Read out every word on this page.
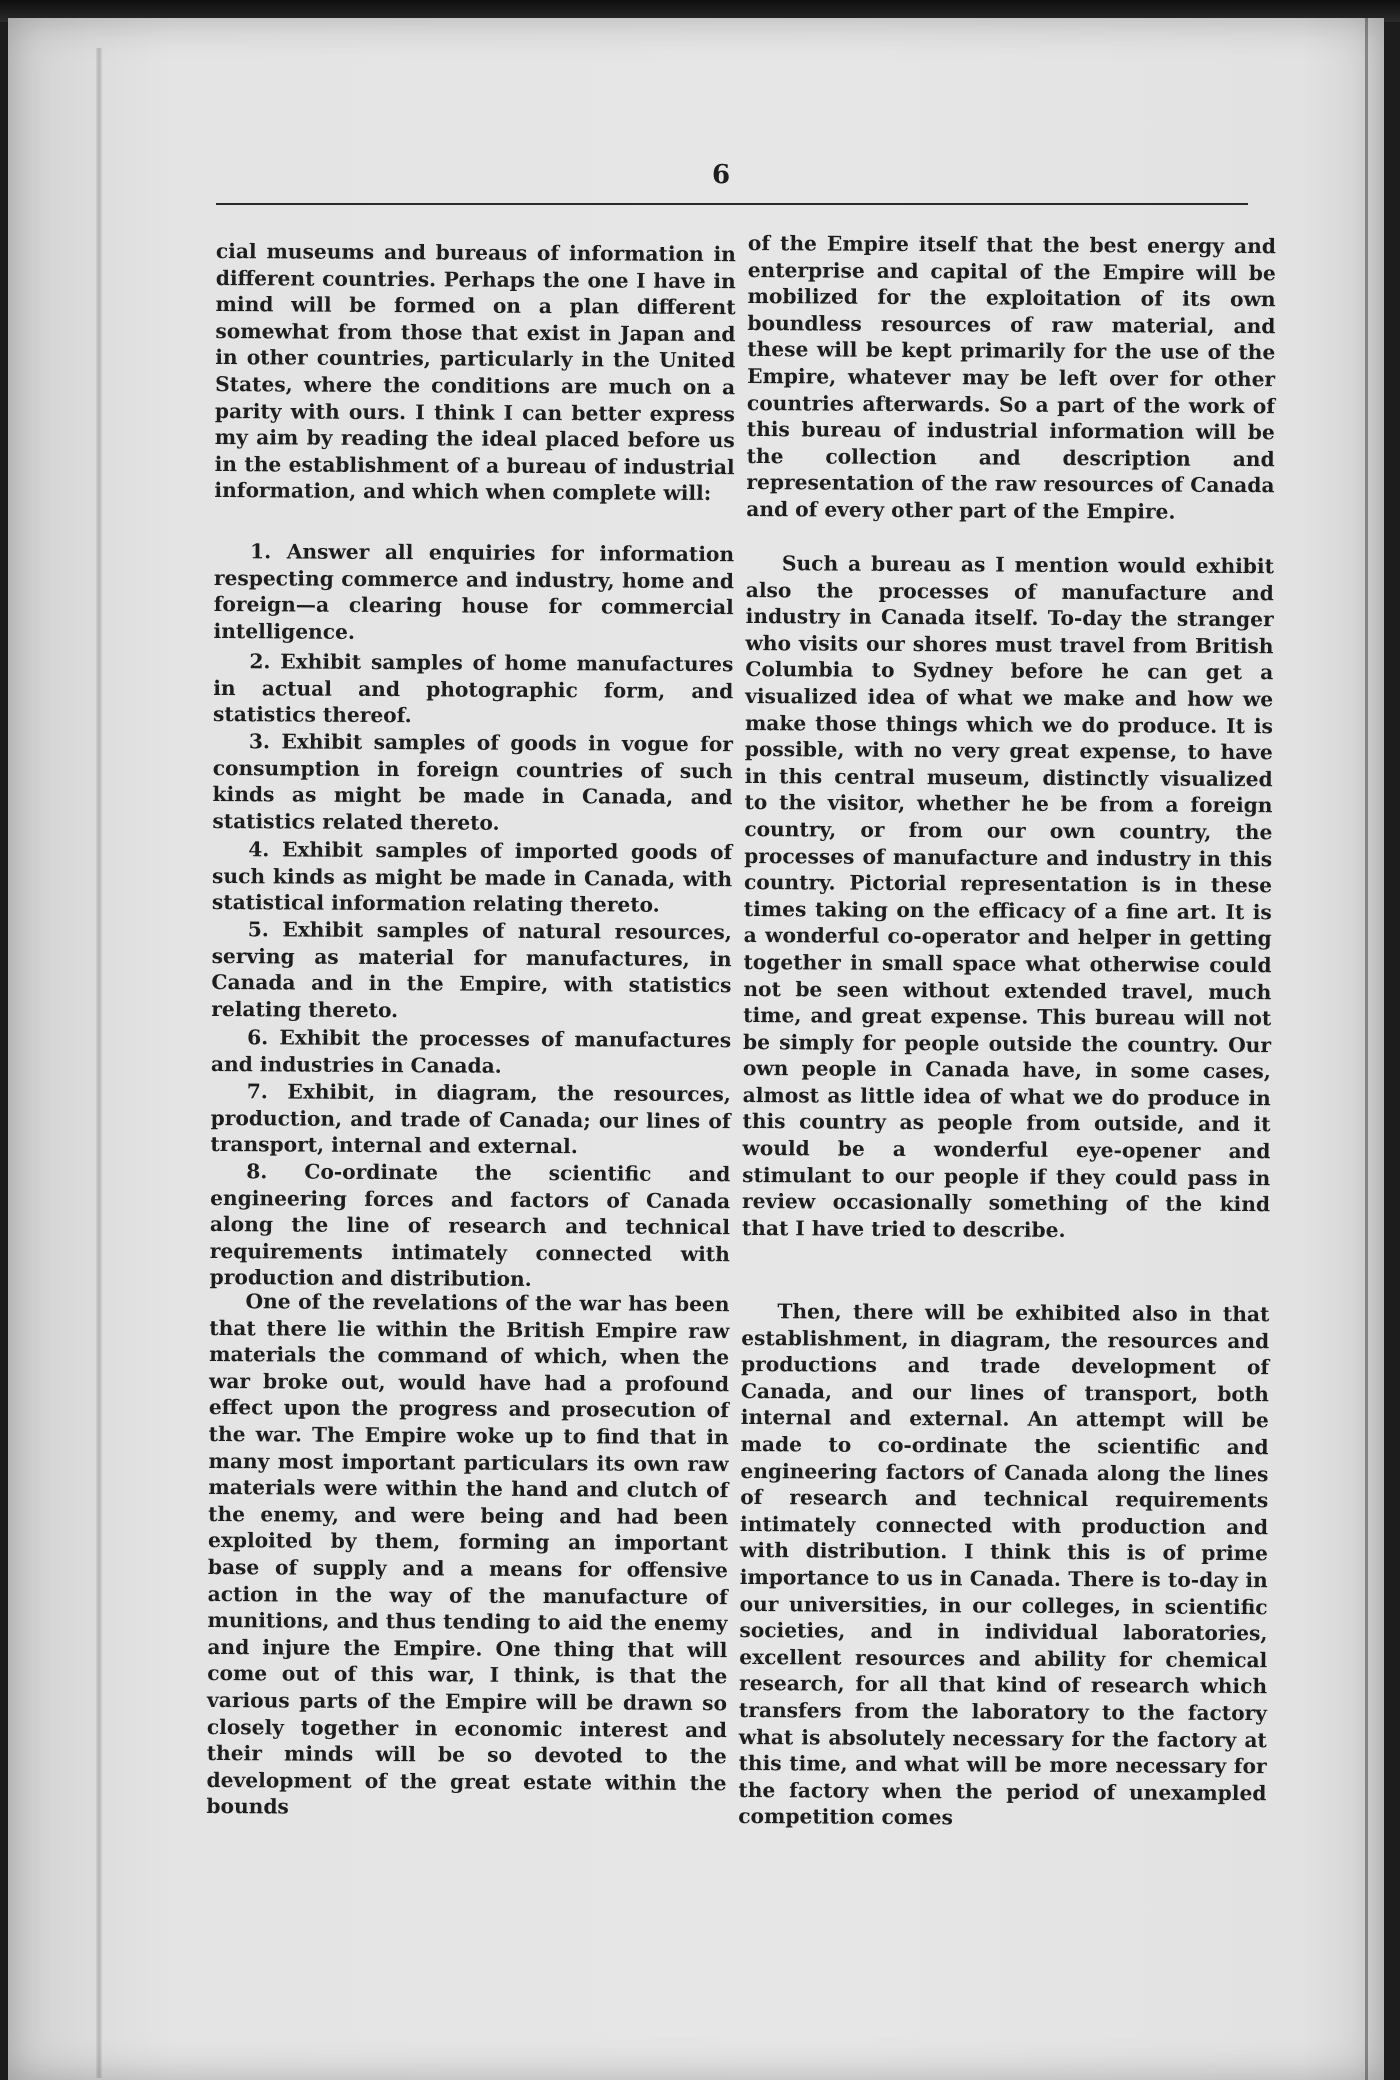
6

cial museums and bureaus of information in different countries. Perhaps the one I have in mind will be formed on a plan different somewhat from those that exist in Japan and in other countries, particularly in the United States, where the conditions are much on a parity with ours. I think I can better express my aim by reading the ideal placed before us in the establishment of a bureau of industrial information, and which when complete will:

1. Answer all enquiries for information respecting commerce and industry, home and foreign—a clearing house for commercial intelligence.

2. Exhibit samples of home manufactures in actual and photographic form, and statistics thereof.

3. Exhibit samples of goods in vogue for consumption in foreign countries of such kinds as might be made in Canada, and statistics related thereto.

4. Exhibit samples of imported goods of such kinds as might be made in Canada, with statistical information relating thereto.

5. Exhibit samples of natural resources, serving as material for manufactures, in Canada and in the Empire, with statistics relating thereto.

6. Exhibit the processes of manufactures and industries in Canada.

7. Exhibit, in diagram, the resources, production, and trade of Canada; our lines of transport, internal and external.

8. Co-ordinate the scientific and engineering forces and factors of Canada along the line of research and technical requirements intimately connected with production and distribution.

One of the revelations of the war has been that there lie within the British Empire raw materials the command of which, when the war broke out, would have had a profound effect upon the progress and prosecution of the war. The Empire woke up to find that in many most important particulars its own raw materials were within the hand and clutch of the enemy, and were being and had been exploited by them, forming an important base of supply and a means for offensive action in the way of the manufacture of munitions, and thus tending to aid the enemy and injure the Empire. One thing that will come out of this war, I think, is that the various parts of the Empire will be drawn so closely together in economic interest and their minds will be so devoted to the development of the great estate within the bounds

of the Empire itself that the best energy and enterprise and capital of the Empire will be mobilized for the exploitation of its own boundless resources of raw material, and these will be kept primarily for the use of the Empire, whatever may be left over for other countries afterwards. So a part of the work of this bureau of industrial information will be the collection and description and representation of the raw resources of Canada and of every other part of the Empire.

Such a bureau as I mention would exhibit also the processes of manufacture and industry in Canada itself. To-day the stranger who visits our shores must travel from British Columbia to Sydney before he can get a visualized idea of what we make and how we make those things which we do produce. It is possible, with no very great expense, to have in this central museum, distinctly visualized to the visitor, whether he be from a foreign country, or from our own country, the processes of manufacture and industry in this country. Pictorial representation is in these times taking on the efficacy of a fine art. It is a wonderful co-operator and helper in getting together in small space what otherwise could not be seen without extended travel, much time, and great expense. This bureau will not be simply for people outside the country. Our own people in Canada have, in some cases, almost as little idea of what we do produce in this country as people from outside, and it would be a wonderful eye-opener and stimulant to our people if they could pass in review occasionally something of the kind that I have tried to describe.

Then, there will be exhibited also in that establishment, in diagram, the resources and productions and trade development of Canada, and our lines of transport, both internal and external. An attempt will be made to co-ordinate the scientific and engineering factors of Canada along the lines of research and technical requirements intimately connected with production and with distribution. I think this is of prime importance to us in Canada. There is to-day in our universities, in our colleges, in scientific societies, and in individual laboratories, excellent resources and ability for chemical research, for all that kind of research which transfers from the laboratory to the factory what is absolutely necessary for the factory at this time, and what will be more necessary for the factory when the period of unexampled competition comes
